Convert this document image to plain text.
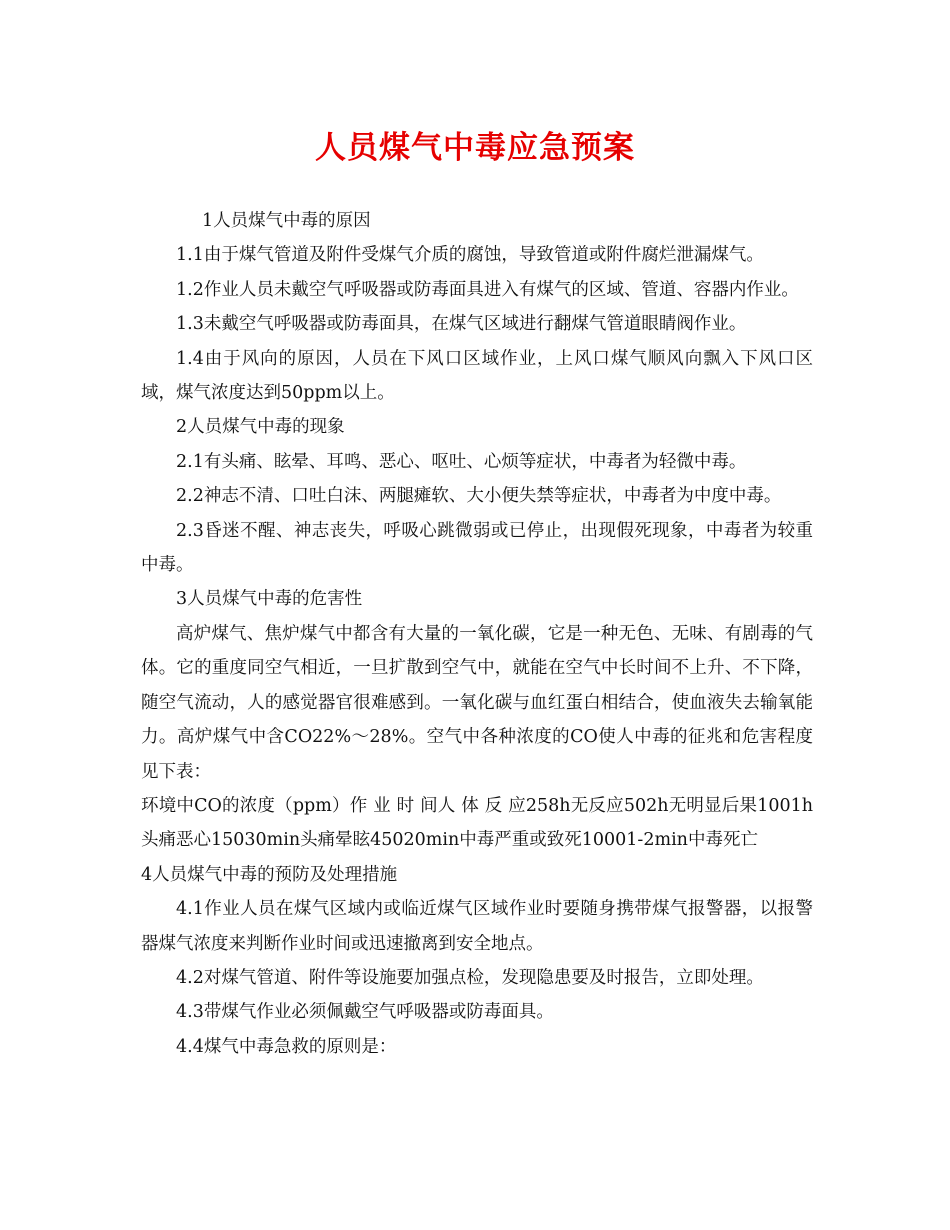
人员煤气中毒应急预案

1人员煤气中毒的原因

1.1由于煤气管道及附件受煤气介质的腐蚀，导致管道或附件腐烂泄漏煤气。

1.2作业人员未戴空气呼吸器或防毒面具进入有煤气的区域、管道、容器内作业。

1.3未戴空气呼吸器或防毒面具，在煤气区域进行翻煤气管道眼睛阀作业。

1.4由于风向的原因，人员在下风口区域作业，上风口煤气顺风向飘入下风口区域，煤气浓度达到50ppm以上。

2人员煤气中毒的现象

2.1有头痛、眩晕、耳鸣、恶心、呕吐、心烦等症状，中毒者为轻微中毒。

2.2神志不清、口吐白沫、两腿瘫软、大小便失禁等症状，中毒者为中度中毒。

2.3昏迷不醒、神志丧失，呼吸心跳微弱或已停止，出现假死现象，中毒者为较重中毒。

3人员煤气中毒的危害性

高炉煤气、焦炉煤气中都含有大量的一氧化碳，它是一种无色、无味、有剧毒的气体。它的重度同空气相近，一旦扩散到空气中，就能在空气中长时间不上升、不下降，随空气流动，人的感觉器官很难感到。一氧化碳与血红蛋白相结合，使血液失去输氧能力。高炉煤气中含CO22%～28%。空气中各种浓度的CO使人中毒的征兆和危害程度见下表：

环境中CO的浓度（ppm）作 业 时 间人 体 反 应258h无反应502h无明显后果1001h头痛恶心15030min头痛晕眩45020min中毒严重或致死10001-2min中毒死亡

4人员煤气中毒的预防及处理措施

4.1作业人员在煤气区域内或临近煤气区域作业时要随身携带煤气报警器，以报警器煤气浓度来判断作业时间或迅速撤离到安全地点。

4.2对煤气管道、附件等设施要加强点检，发现隐患要及时报告，立即处理。

4.3带煤气作业必须佩戴空气呼吸器或防毒面具。

4.4煤气中毒急救的原则是：
